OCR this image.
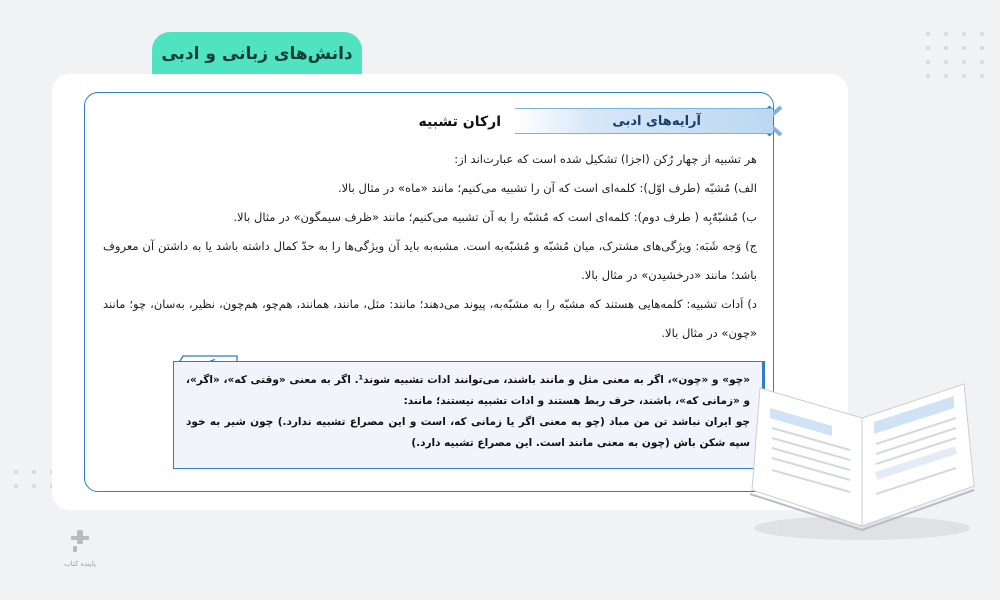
دانش‌های زبانی و ادبی
آرایه‌های ادبی
ارکان تشبیه

هر تشبیه از چهار رُکن (اجزا) تشکیل شده است که عبارت‌اند از:

الف) مُشبّه (طرف اوّل): کلمه‌ای است که آن را تشبیه می‌کنیم؛ مانند «ماه» در مثال بالا.

ب) مُشبّهٌ‌بِه ( طرف دوم): کلمه‌ای است که مُشبّه را به آن تشبیه می‌کنیم؛ مانند «ظرف سیمگون» در مثال بالا.

ج) وَجه شَبَه: ویژگی‌های مشترک، میان مُشبّه و مُشبّه‌به است. مشبه‌به باید آن ویژگی‌ها را به حدّ کمال داشته باشد یا به داشتن آن معروف باشد؛ مانند «درخشیدن» در مثال بالا.

د) اَدات تشبیه: کلمه‌هایی هستند که مشبّه را به مشبّه‌به، پیوند می‌دهند؛ مانند: مثل، مانند، همانند، هم‌چو، هم‌چون، نظیر، به‌سان، چو؛ مانند «چون» در مثال بالا.

«چو» و «چون»، اگر به معنی مثل و مانند باشند، می‌توانند ادات تشبیه شوند¹. اگر به معنی «وقتی که»، «اگر»، و «زمانی که»، باشند، حرف ربط هستند و ادات تشبیه نیستند؛ مانند:

چو ایران نباشد تن من مباد (چو به معنی اگر یا زمانی که، است و این مصراع تشبیه ندارد.) چون شیر به خود سپه شکن باش (چون به معنی مانند است. این مصراع تشبیه دارد.)

پاینده کتاب
